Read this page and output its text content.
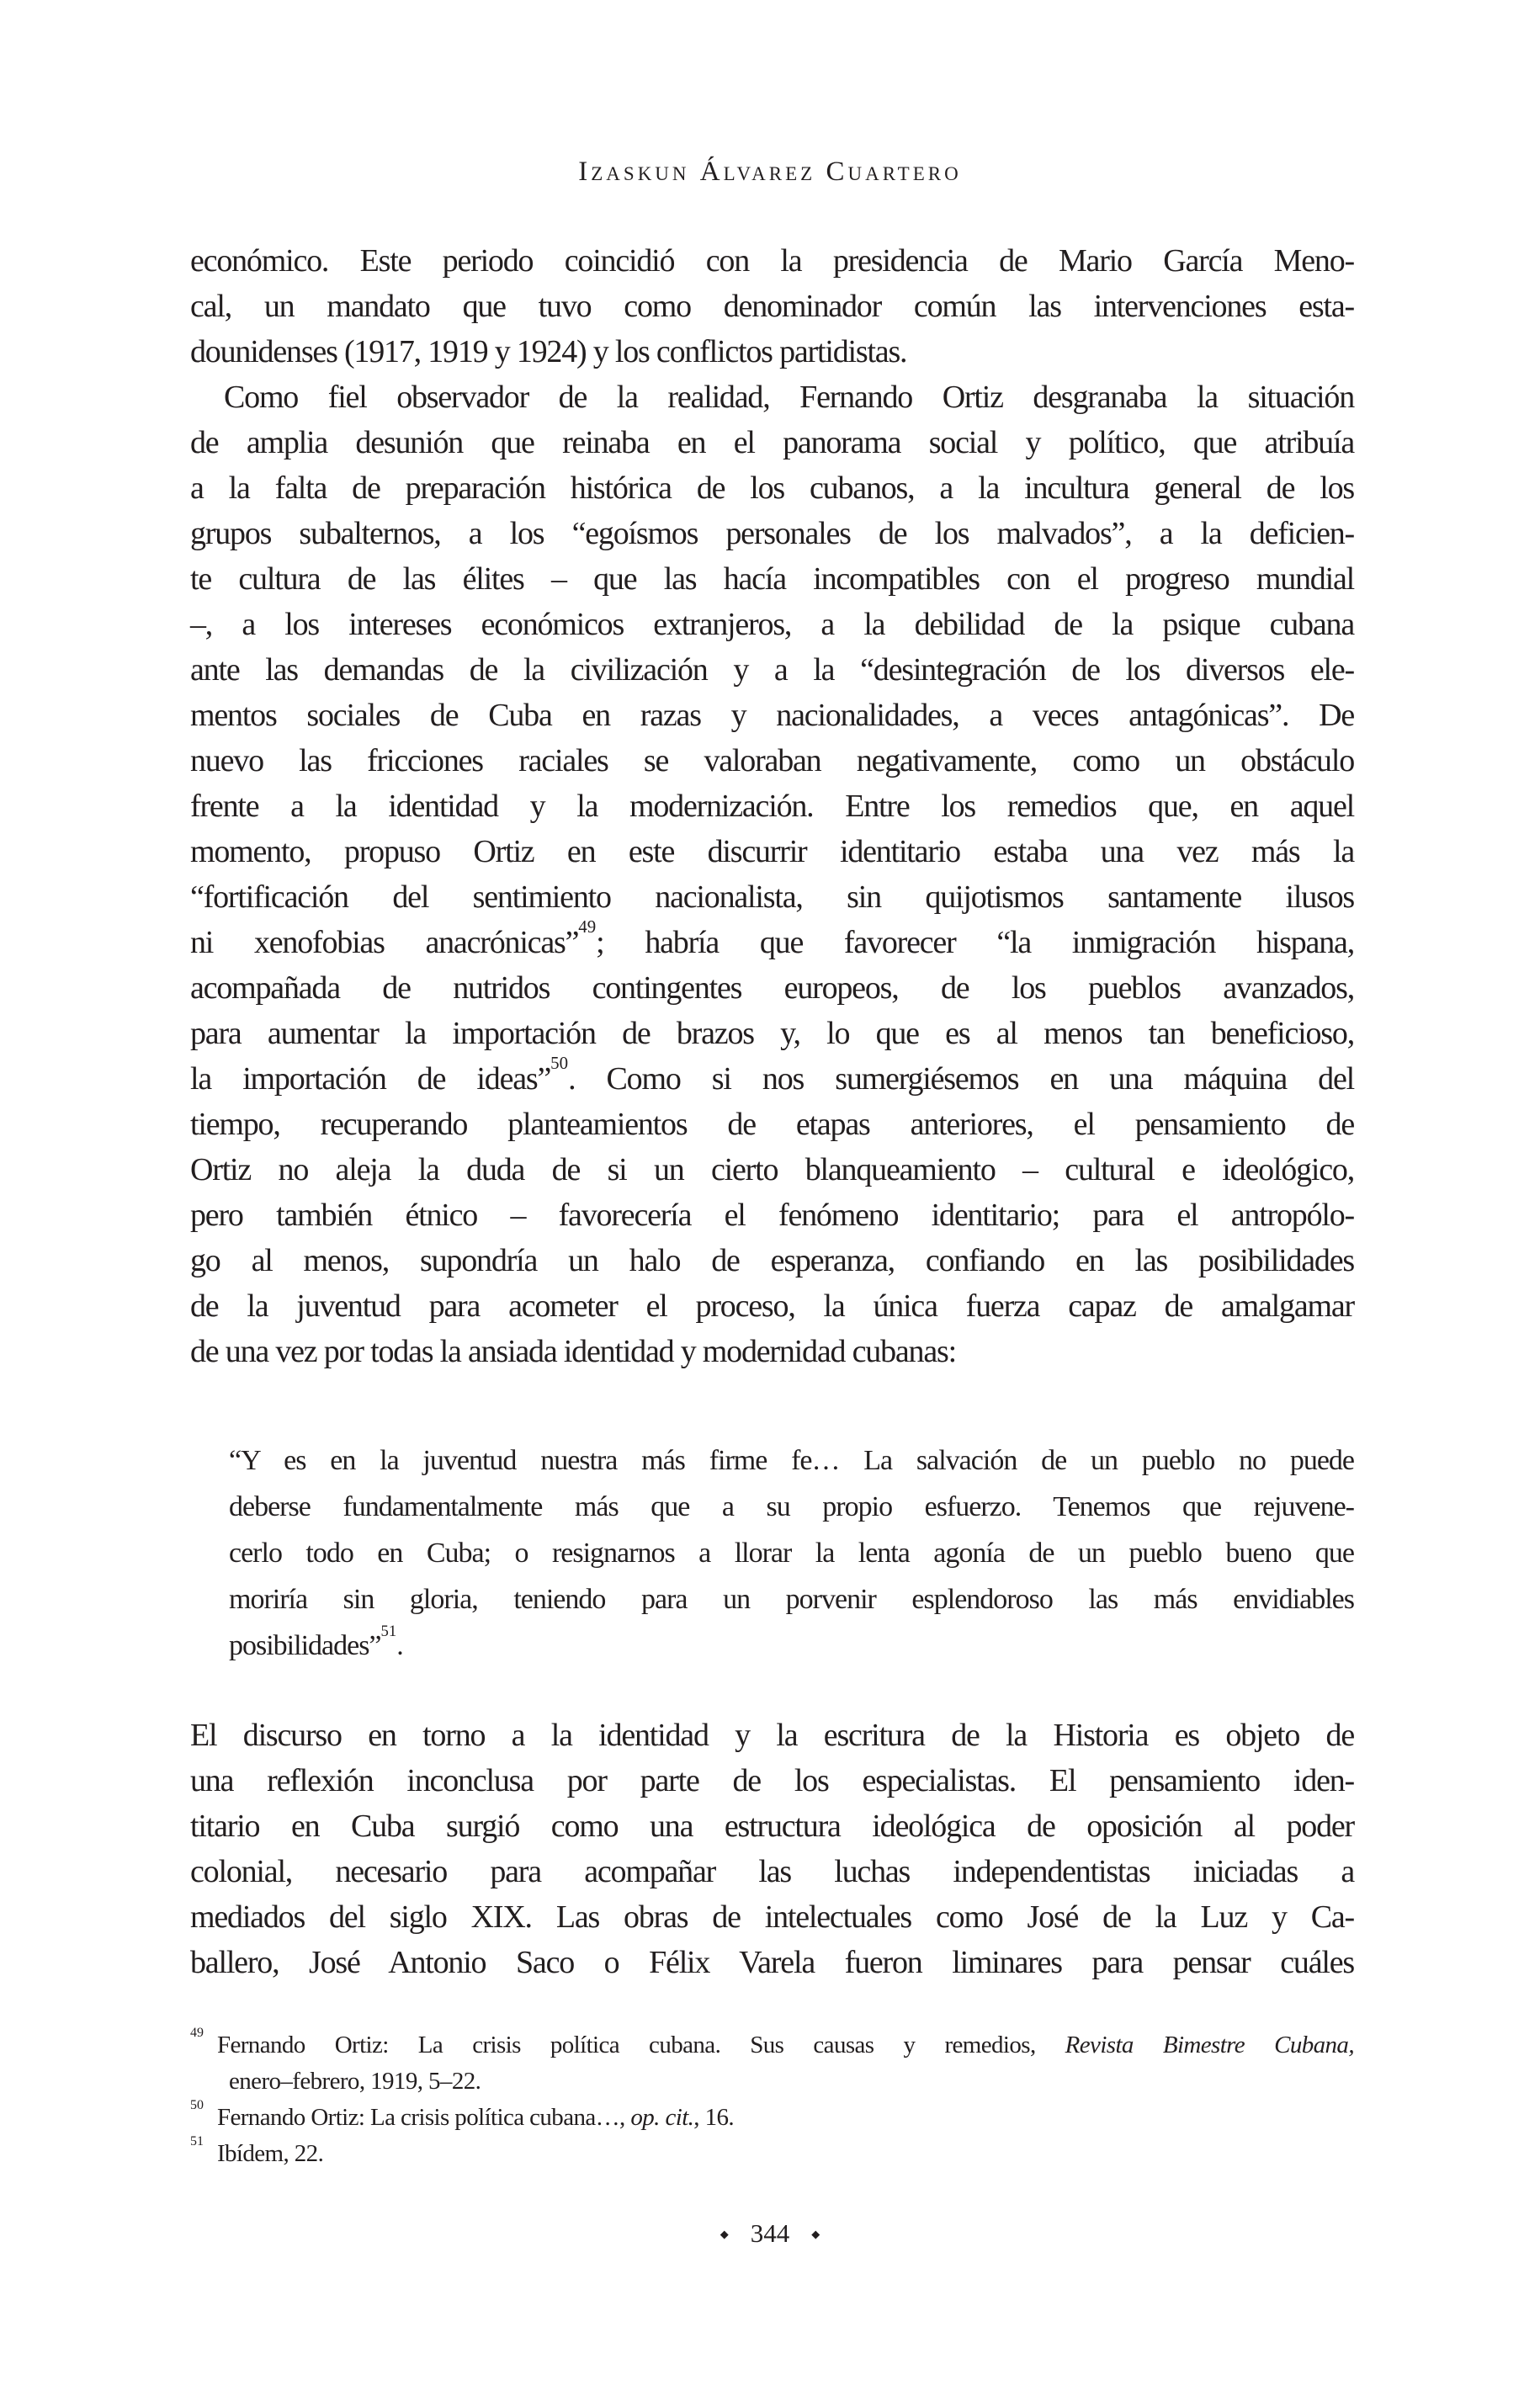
Izaskun Álvarez Cuartero
económico. Este periodo coincidió con la presidencia de Mario García Meno-
cal, un mandato que tuvo como denominador común las intervenciones esta-
dounidenses (1917, 1919 y 1924) y los conflictos partidistas.
Como fiel observador de la realidad, Fernando Ortiz desgranaba la situación
de amplia desunión que reinaba en el panorama social y político, que atribuía
a la falta de preparación histórica de los cubanos, a la incultura general de los
grupos subalternos, a los “egoísmos personales de los malvados”, a la deficien-
te cultura de las élites – que las hacía incompatibles con el progreso mundial
–, a los intereses económicos extranjeros, a la debilidad de la psique cubana
ante las demandas de la civilización y a la “desintegración de los diversos ele-
mentos sociales de Cuba en razas y nacionalidades, a veces antagónicas”. De
nuevo las fricciones raciales se valoraban negativamente, como un obstáculo
frente a la identidad y la modernización. Entre los remedios que, en aquel
momento, propuso Ortiz en este discurrir identitario estaba una vez más la
“fortificación del sentimiento nacionalista, sin quijotismos santamente ilusos
ni xenofobias anacrónicas”$^{49}$; habría que favorecer “la inmigración hispana,
acompañada de nutridos contingentes europeos, de los pueblos avanzados,
para aumentar la importación de brazos y, lo que es al menos tan beneficioso,
la importación de ideas”$^{50}$. Como si nos sumergiésemos en una máquina del
tiempo, recuperando planteamientos de etapas anteriores, el pensamiento de
Ortiz no aleja la duda de si un cierto blanqueamiento – cultural e ideológico,
pero también étnico – favorecería el fenómeno identitario; para el antropólo-
go al menos, supondría un halo de esperanza, confiando en las posibilidades
de la juventud para acometer el proceso, la única fuerza capaz de amalgamar
de una vez por todas la ansiada identidad y modernidad cubanas:
“Y es en la juventud nuestra más firme fe… La salvación de un pueblo no puede
deberse fundamentalmente más que a su propio esfuerzo. Tenemos que rejuvene-
cerlo todo en Cuba; o resignarnos a llorar la lenta agonía de un pueblo bueno que
moriría sin gloria, teniendo para un porvenir esplendoroso las más envidiables
posibilidades”$^{51}$.
El discurso en torno a la identidad y la escritura de la Historia es objeto de
una reflexión inconclusa por parte de los especialistas. El pensamiento iden-
titario en Cuba surgió como una estructura ideológica de oposición al poder
colonial, necesario para acompañar las luchas independentistas iniciadas a
mediados del siglo XIX. Las obras de intelectuales como José de la Luz y Ca-
ballero, José Antonio Saco o Félix Varela fueron liminares para pensar cuáles
$^{49}$ Fernando Ortiz: La crisis política cubana. Sus causas y remedios, Revista Bimestre Cubana,
enero–febrero, 1919, 5–22.
$^{50}$ Fernando Ortiz: La crisis política cubana…, op. cit., 16.
$^{51}$ Ibídem, 22.
◆ 344 ◆
